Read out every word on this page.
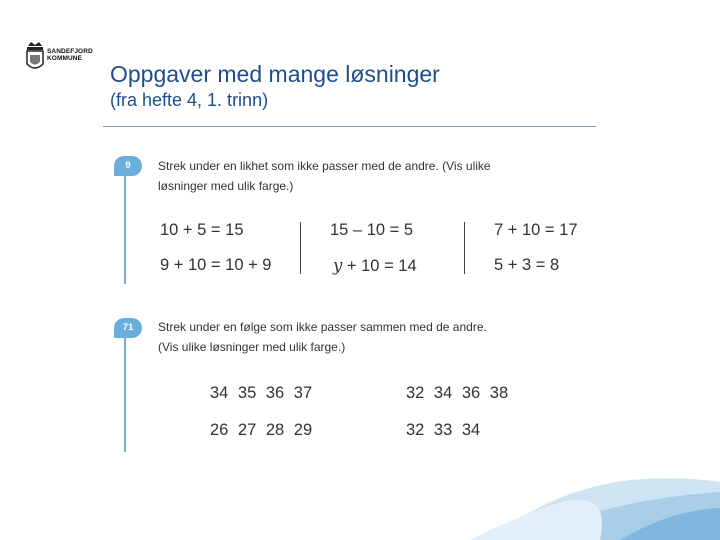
SANDEFJORD
KOMMUNE
Oppgaver med mange løsninger
(fra hefte 4, 1. trinn)
9	Strek under en likhet som ikke passer med de andre. (Vis ulike
løsninger med ulik farge.)
10 + 5 = 15
9 + 10 = 10 + 9
15 – 10 = 5
y + 10 = 14
7 + 10 = 17
5 + 3 = 8
71	Strek under en følge som ikke passer sammen med de andre.
(Vis ulike løsninger med ulik farge.)
34 35 36 37
26 27 28 29
32 34 36 38
32 33 34
